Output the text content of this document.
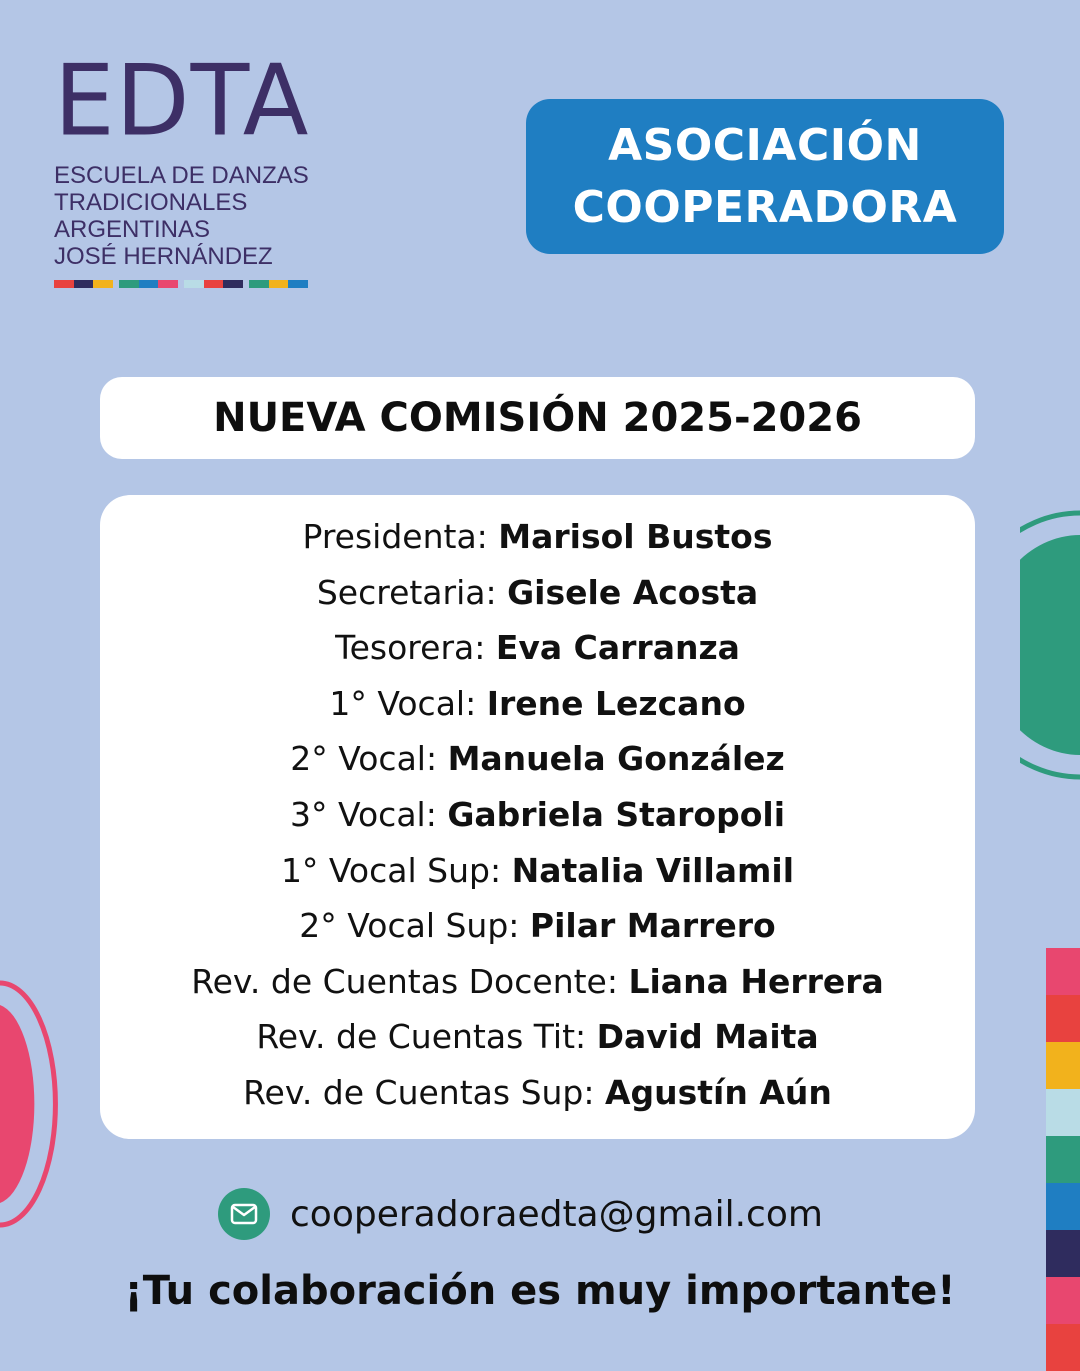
EDTA
ESCUELA DE DANZAS
TRADICIONALES
ARGENTINAS
JOSÉ HERNÁNDEZ
ASOCIACIÓN
COOPERADORA
NUEVA COMISIÓN 2025-2026
Presidenta: Marisol Bustos
Secretaria: Gisele Acosta
Tesorera: Eva Carranza
1° Vocal: Irene Lezcano
2° Vocal: Manuela González
3° Vocal: Gabriela Staropoli
1° Vocal Sup: Natalia Villamil
2° Vocal Sup: Pilar Marrero
Rev. de Cuentas Docente: Liana Herrera
Rev. de Cuentas Tit: David Maita
Rev. de Cuentas Sup: Agustín Aún
cooperadoraedta@gmail.com
¡Tu colaboración es muy importante!
